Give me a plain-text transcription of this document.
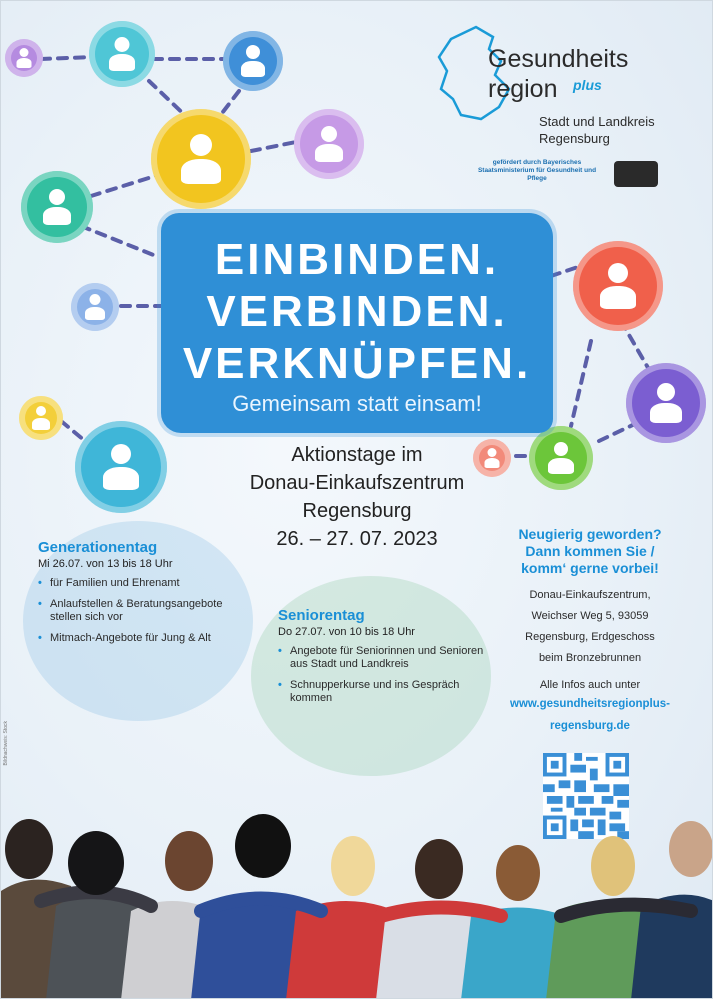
Gesundheits
region plus
Stadt und Landkreis
Regensburg
gefördert durch Bayerisches Staatsministerium für Gesundheit und Pflege
EINBINDEN.
VERBINDEN.
VERKNÜPFEN.
Gemeinsam statt einsam!
Aktionstage im
Donau-Einkaufszentrum
Regensburg
26. – 27. 07. 2023
Generationentag
Mi 26.07. von 13 bis 18 Uhr
• für Familien und Ehrenamt
• Anlaufstellen & Beratungsangebote stellen sich vor
• Mitmach-Angebote für Jung & Alt
Seniorentag
Do 27.07. von 10 bis 18 Uhr
• Angebote für Seniorinnen und Senioren aus Stadt und Landkreis
• Schnupperkurse und ins Gespräch kommen
Neugierig geworden?
Dann kommen Sie /
komm‘ gerne vorbei!
Donau-Einkaufszentrum,
Weichser Weg 5, 93059
Regensburg, Erdgeschoss
beim Bronzebrunnen
Alle Infos auch unter
www.gesundheitsregionplus-
regensburg.de
Bildnachweis: Stock
